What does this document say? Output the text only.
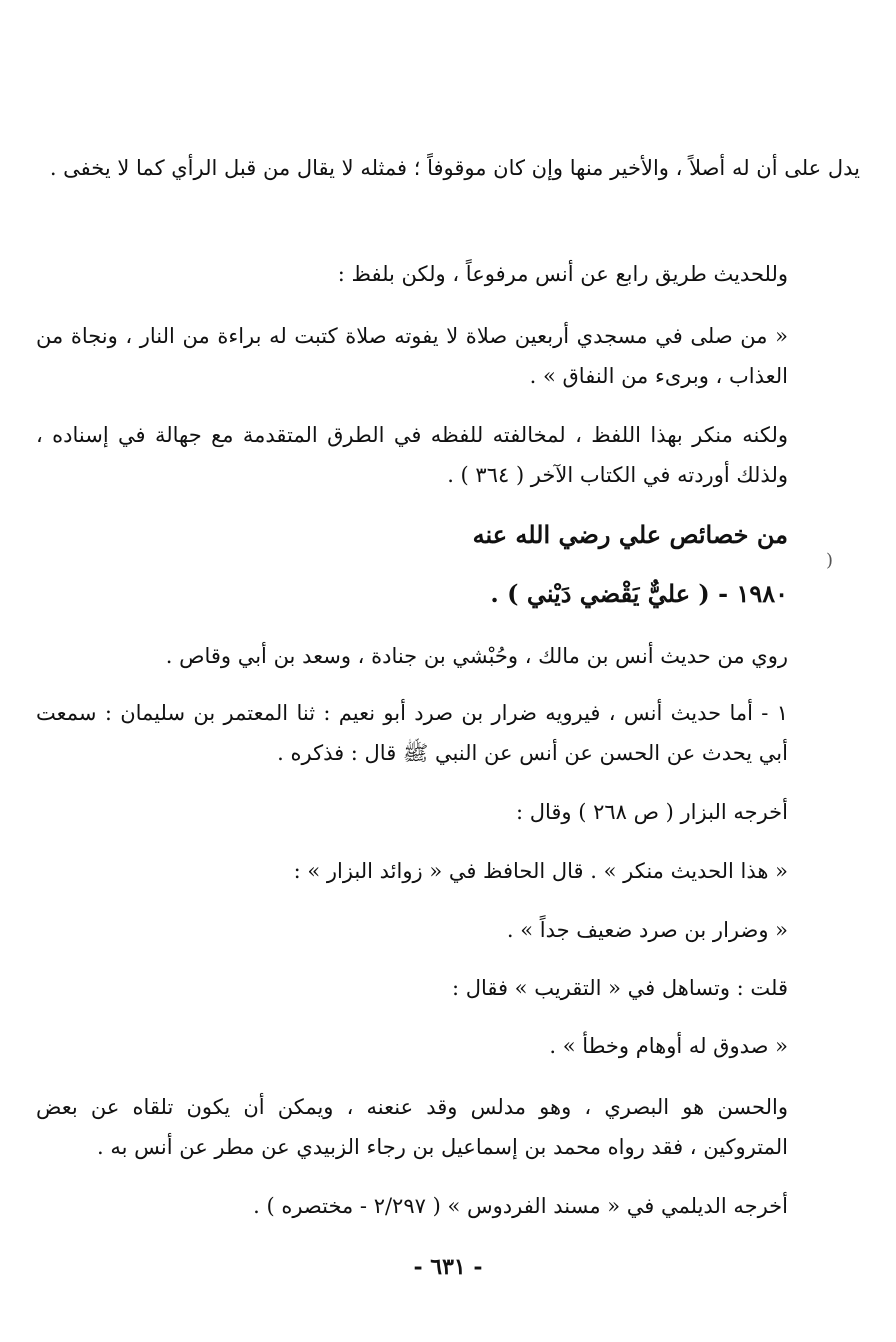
يدل على أن له أصلاً ، والأخير منها وإن كان موقوفاً ؛ فمثله لا يقال من قبل الرأي كما لا يخفى .
وللحديث طريق رابع عن أنس مرفوعاً ، ولكن بلفظ :
« من صلى في مسجدي أربعين صلاة لا يفوته صلاة كتبت له براءة من النار ، ونجاة من العذاب ، وبرىء من النفاق » .
ولكنه منكر بهذا اللفظ ، لمخالفته للفظه في الطرق المتقدمة مع جهالة في إسناده ، ولذلك أوردته في الكتاب الآخر ( ٣٦٤ ) .
من خصائص علي رضي الله عنه
١٩٨٠ - ( عليٌّ يَقْضي دَيْني ) .
(
روي من حديث أنس بن مالك ، وحُبْشي بن جنادة ، وسعد بن أبي وقاص .
١ - أما حديث أنس ، فيرويه ضرار بن صرد أبو نعيم : ثنا المعتمر بن سليمان : سمعت أبي يحدث عن الحسن عن أنس عن النبي ﷺ قال : فذكره .
أخرجه البزار ( ص ٢٦٨ ) وقال :
« هذا الحديث منكر » . قال الحافظ في « زوائد البزار » :
« وضرار بن صرد ضعيف جداً » .
قلت : وتساهل في « التقريب » فقال :
« صدوق له أوهام وخطأ » .
والحسن هو البصري ، وهو مدلس وقد عنعنه ، ويمكن أن يكون تلقاه عن بعض المتروكين ، فقد رواه محمد بن إسماعيل بن رجاء الزبيدي عن مطر عن أنس به .
أخرجه الديلمي في « مسند الفردوس » ( ٢/٢٩٧ - مختصره ) .
- ٦٣١ -
